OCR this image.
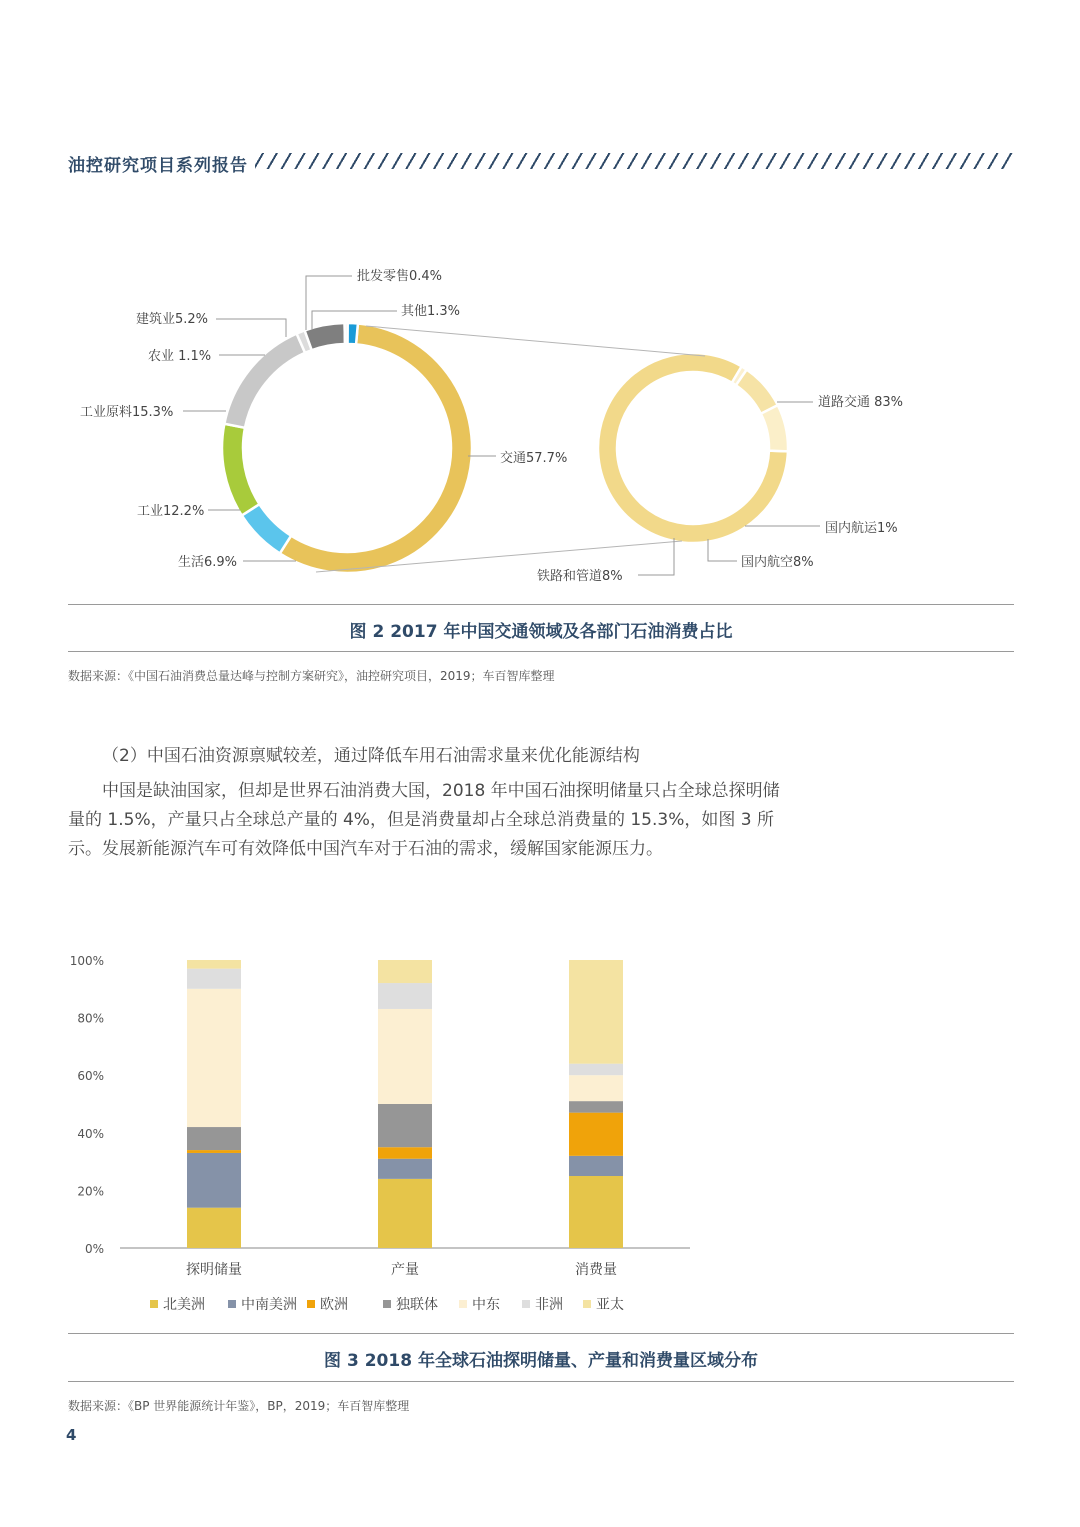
油控研究项目系列报告
交通57.7%
生活6.9%
工业12.2%
工业原料15.3%
农业 1.1%
建筑业5.2%
批发零售0.4%
其他1.3%
道路交通 83%
国内航运1%
国内航空8%
铁路和管道8%
图 2 2017 年中国交通领域及各部门石油消费占比
数据来源：《中国石油消费总量达峰与控制方案研究》，油控研究项目，2019；车百智库整理

（2）中国石油资源禀赋较差，通过降低车用石油需求量来优化能源结构

中国是缺油国家，但却是世界石油消费大国，2018 年中国石油探明储量只占全球总探明储量的 1.5%，产量只占全球总产量的 4%，但是消费量却占全球总消费量的 15.3%，如图 3 所示。发展新能源汽车可有效降低中国汽车对于石油的需求，缓解国家能源压力。

0%
20%
40%
60%
80%
100%
探明储量	产量	消费量
北美洲	中南美洲 欧洲	独联体 中东	非洲 亚太
图 3 2018 年全球石油探明储量、产量和消费量区域分布
数据来源：《BP 世界能源统计年鉴》，BP，2019；车百智库整理
4
